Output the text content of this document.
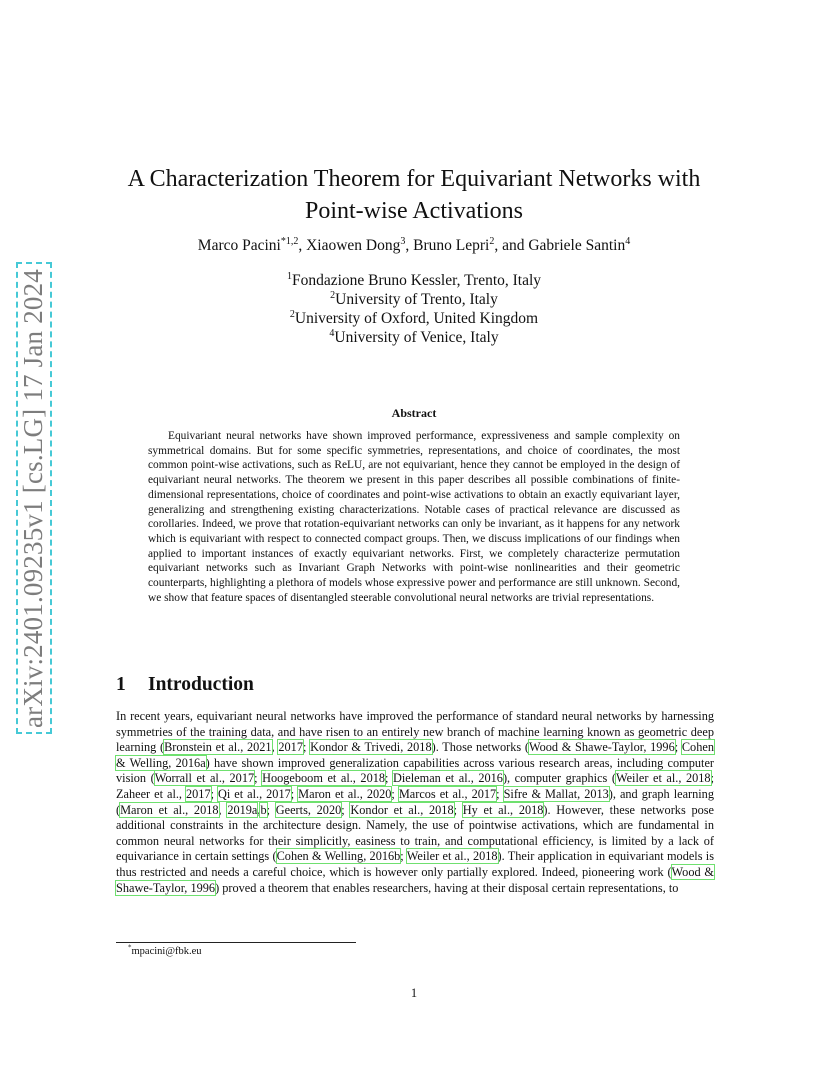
arXiv:2401.09235v1 [cs.LG] 17 Jan 2024
A Characterization Theorem for Equivariant Networks with
Point-wise Activations
Marco Pacini$^{*1,2}$, Xiaowen Dong$^3$, Bruno Lepri$^2$, and Gabriele Santin$^4$
$^1$Fondazione Bruno Kessler, Trento, Italy
$^2$University of Trento, Italy
$^2$University of Oxford, United Kingdom
$^4$University of Venice, Italy
Abstract
Equivariant neural networks have shown improved performance, expressiveness and sample complexity on symmetrical domains. But for some specific symmetries, representations, and choice of coordinates, the most common point-wise activations, such as ReLU, are not equivariant, hence they cannot be employed in the design of equivariant neural networks. The theorem we present in this paper describes all possible combinations of finite-dimensional representations, choice of coordinates and point-wise activations to obtain an exactly equivariant layer, generalizing and strengthening existing characterizations. Notable cases of practical relevance are discussed as corollaries. Indeed, we prove that rotation-equivariant networks can only be invariant, as it happens for any network which is equivariant with respect to connected compact groups. Then, we discuss implications of our findings when applied to important instances of exactly equivariant networks. First, we completely characterize permutation equivariant networks such as Invariant Graph Networks with point-wise nonlinearities and their geometric counterparts, highlighting a plethora of models whose expressive power and performance are still unknown. Second, we show that feature spaces of disentangled steerable convolutional neural networks are trivial representations.
1 Introduction
In recent years, equivariant neural networks have improved the performance of standard neural networks by harnessing symmetries of the training data, and have risen to an entirely new branch of machine learning known as geometric deep learning (Bronstein et al., 2021, 2017; Kondor & Trivedi, 2018). Those networks (Wood & Shawe-Taylor, 1996; Cohen & Welling, 2016a) have shown improved generalization capabilities across various research areas, including computer vision (Worrall et al., 2017; Hoogeboom et al., 2018; Dieleman et al., 2016), computer graphics (Weiler et al., 2018; Zaheer et al., 2017; Qi et al., 2017; Maron et al., 2020; Marcos et al., 2017; Sifre & Mallat, 2013), and graph learning (Maron et al., 2018, 2019a,b; Geerts, 2020; Kondor et al., 2018; Hy et al., 2018). However, these networks pose additional constraints in the architecture design. Namely, the use of pointwise activations, which are fundamental in common neural networks for their simplicitly, easiness to train, and computational efficiency, is limited by a lack of equivariance in certain settings (Cohen & Welling, 2016b; Weiler et al., 2018). Their application in equivariant models is thus restricted and needs a careful choice, which is however only partially explored. Indeed, pioneering work (Wood & Shawe-Taylor, 1996) proved a theorem that enables researchers, having at their disposal certain representations, to
*mpacini@fbk.eu
1
